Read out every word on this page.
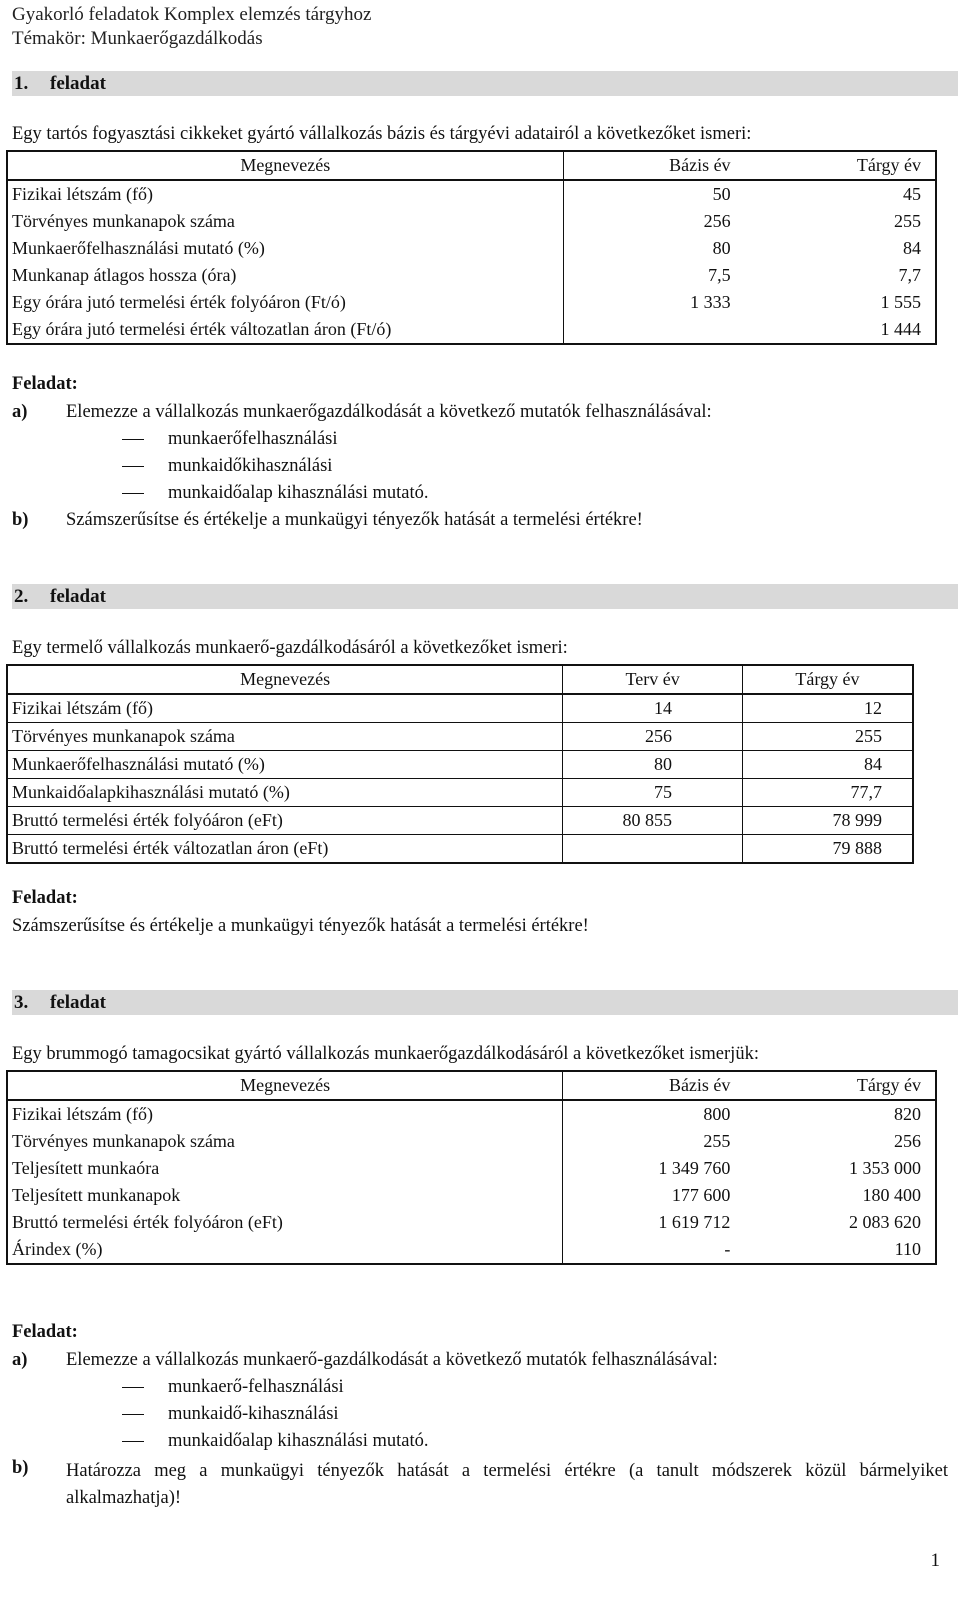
Gyakorló feladatok Komplex elemzés tárgyhoz
Témakör: Munkaerőgazdálkodás
1. feladat
Egy tartós fogyasztási cikkeket gyártó vállalkozás bázis és tárgyévi adatairól a következőket ismeri:
Megnevezés	Bázis év	Tárgy év
Fizikai létszám (fő)	50	45
Törvényes munkanapok száma	256	255
Munkaerőfelhasználási mutató (%)	80	84
Munkanap átlagos hossza (óra)	7,5	7,7
Egy órára jutó termelési érték folyóáron (Ft/ó)	1 333	1 555
Egy órára jutó termelési érték változatlan áron (Ft/ó)		1 444
Feladat:
a) Elemezze a vállalkozás munkaerőgazdálkodását a következő mutatók felhasználásával:
munkaerőfelhasználási
munkaidőkihasználási
munkaidőalap kihasználási mutató.
b) Számszerűsítse és értékelje a munkaügyi tényezők hatását a termelési értékre!
2. feladat
Egy termelő vállalkozás munkaerő-gazdálkodásáról a következőket ismeri:
Megnevezés	Terv év	Tárgy év
Fizikai létszám (fő)	14	12
Törvényes munkanapok száma	256	255
Munkaerőfelhasználási mutató (%)	80	84
Munkaidőalapkihasználási mutató (%)	75	77,7
Bruttó termelési érték folyóáron (eFt)	80 855	78 999
Bruttó termelési érték változatlan áron (eFt)		79 888
Feladat:
Számszerűsítse és értékelje a munkaügyi tényezők hatását a termelési értékre!
3. feladat
Egy brummogó tamagocsikat gyártó vállalkozás munkaerőgazdálkodásáról a következőket ismerjük:
Megnevezés	Bázis év	Tárgy év
Fizikai létszám (fő)	800	820
Törvényes munkanapok száma	255	256
Teljesített munkaóra	1 349 760	1 353 000
Teljesített munkanapok	177 600	180 400
Bruttó termelési érték folyóáron (eFt)	1 619 712	2 083 620
Árindex (%)	-	110
Feladat:
a) Elemezze a vállalkozás munkaerő-gazdálkodását a következő mutatók felhasználásával:
munkaerő-felhasználási
munkaidő-kihasználási
munkaidőalap kihasználási mutató.
b) Határozza meg a munkaügyi tényezők hatását a termelési értékre (a tanult módszerek közül bármelyiket alkalmazhatja)!
1
